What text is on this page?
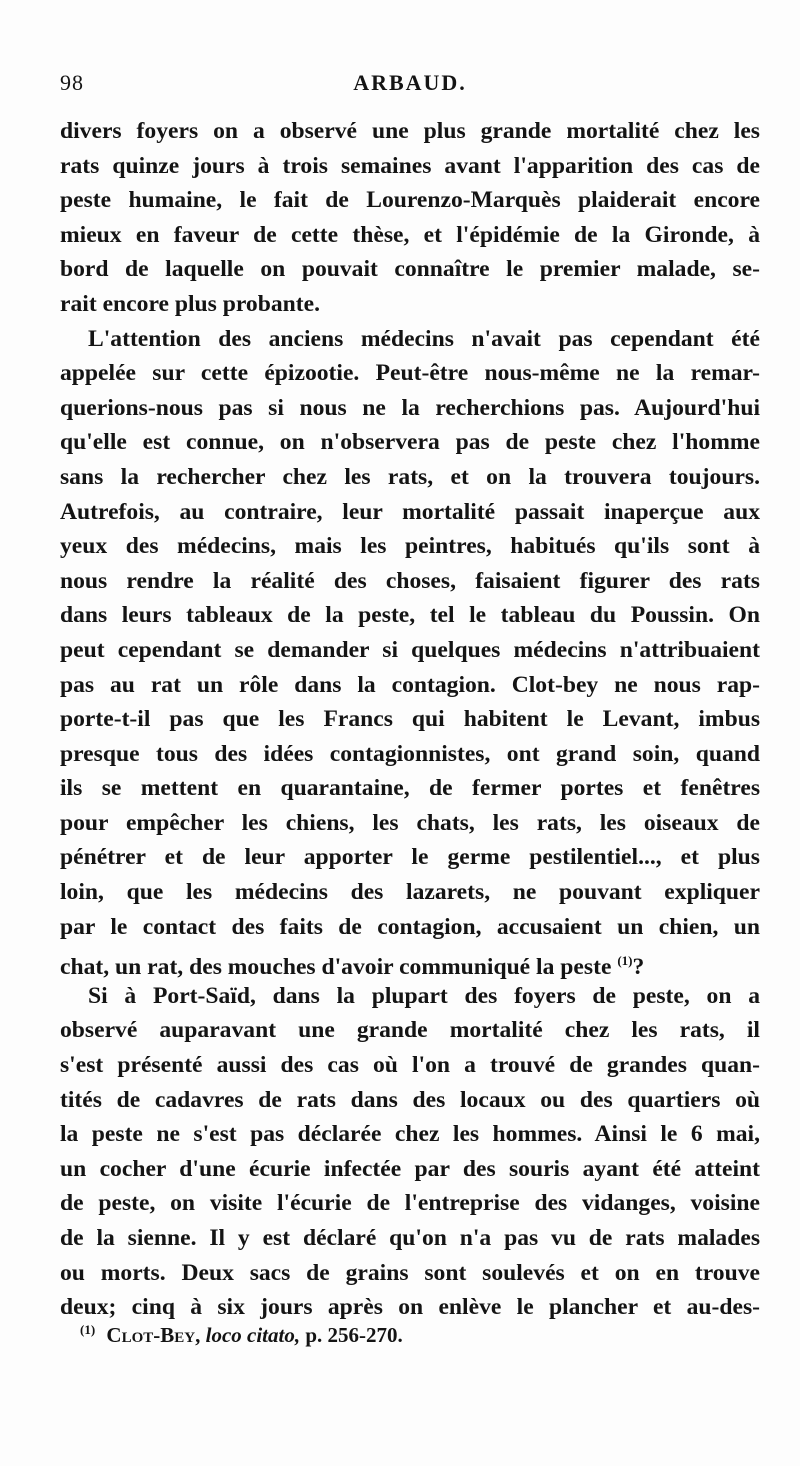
98	ARBAUD.
divers foyers on a observé une plus grande mortalité chez les
rats quinze jours à trois semaines avant l'apparition des cas de
peste humaine, le fait de Lourenzo-Marquès plaiderait encore
mieux en faveur de cette thèse, et l'épidémie de la Gironde, à
bord de laquelle on pouvait connaître le premier malade, se-
rait encore plus probante.
L'attention des anciens médecins n'avait pas cependant été
appelée sur cette épizootie. Peut-être nous-même ne la remar-
querions-nous pas si nous ne la recherchions pas. Aujourd'hui
qu'elle est connue, on n'observera pas de peste chez l'homme
sans la rechercher chez les rats, et on la trouvera toujours.
Autrefois, au contraire, leur mortalité passait inaperçue aux
yeux des médecins, mais les peintres, habitués qu'ils sont à
nous rendre la réalité des choses, faisaient figurer des rats
dans leurs tableaux de la peste, tel le tableau du Poussin. On
peut cependant se demander si quelques médecins n'attribuaient
pas au rat un rôle dans la contagion. Clot-bey ne nous rap-
porte-t-il pas que les Francs qui habitent le Levant, imbus
presque tous des idées contagionnistes, ont grand soin, quand
ils se mettent en quarantaine, de fermer portes et fenêtres
pour empêcher les chiens, les chats, les rats, les oiseaux de
pénétrer et de leur apporter le germe pestilentiel..., et plus
loin, que les médecins des lazarets, ne pouvant expliquer
par le contact des faits de contagion, accusaient un chien, un
chat, un rat, des mouches d'avoir communiqué la peste $^{(1)}$?
Si à Port-Saïd, dans la plupart des foyers de peste, on a
observé auparavant une grande mortalité chez les rats, il
s'est présenté aussi des cas où l'on a trouvé de grandes quan-
tités de cadavres de rats dans des locaux ou des quartiers où
la peste ne s'est pas déclarée chez les hommes. Ainsi le 6 mai,
un cocher d'une écurie infectée par des souris ayant été atteint
de peste, on visite l'écurie de l'entreprise des vidanges, voisine
de la sienne. Il y est déclaré qu'on n'a pas vu de rats malades
ou morts. Deux sacs de grains sont soulevés et on en trouve
deux; cinq à six jours après on enlève le plancher et au-des-
$^{(1)}$ Clot-Bey, loco citato, p. 256-270.
